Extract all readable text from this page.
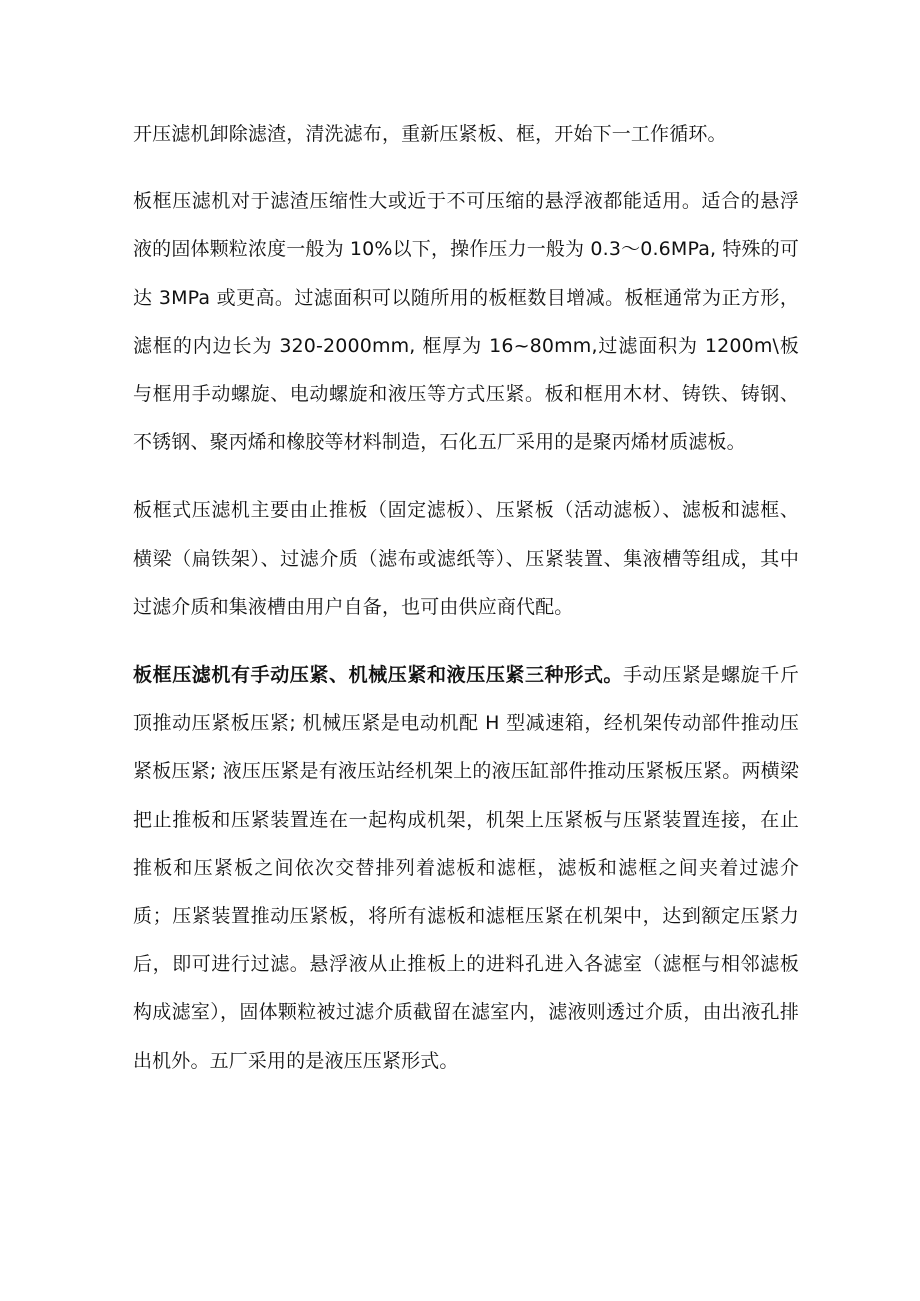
开压滤机卸除滤渣，清洗滤布，重新压紧板、框，开始下一工作循环。

板框压滤机对于滤渣压缩性大或近于不可压缩的悬浮液都能适用。适合的悬浮液的固体颗粒浓度一般为 10%以下，操作压力一般为 0.3～0.6MPa, 特殊的可达 3MPa 或更高。过滤面积可以随所用的板框数目增减。板框通常为正方形，滤框的内边长为 320-2000mm, 框厚为 16~80mm,过滤面积为 1200m\板与框用手动螺旋、电动螺旋和液压等方式压紧。板和框用木材、铸铁、铸钢、不锈钢、聚丙烯和橡胶等材料制造，石化五厂采用的是聚丙烯材质滤板。

板框式压滤机主要由止推板（固定滤板）、压紧板（活动滤板）、滤板和滤框、横梁（扁铁架）、过滤介质（滤布或滤纸等）、压紧装置、集液槽等组成，其中过滤介质和集液槽由用户自备，也可由供应商代配。

板框压滤机有手动压紧、机械压紧和液压压紧三种形式。手动压紧是螺旋千斤顶推动压紧板压紧; 机械压紧是电动机配 H 型减速箱，经机架传动部件推动压紧板压紧; 液压压紧是有液压站经机架上的液压缸部件推动压紧板压紧。两横梁把止推板和压紧装置连在一起构成机架，机架上压紧板与压紧装置连接，在止推板和压紧板之间依次交替排列着滤板和滤框，滤板和滤框之间夹着过滤介质；压紧装置推动压紧板，将所有滤板和滤框压紧在机架中，达到额定压紧力后，即可进行过滤。悬浮液从止推板上的进料孔进入各滤室（滤框与相邻滤板构成滤室），固体颗粒被过滤介质截留在滤室内，滤液则透过介质，由出液孔排出机外。五厂采用的是液压压紧形式。
